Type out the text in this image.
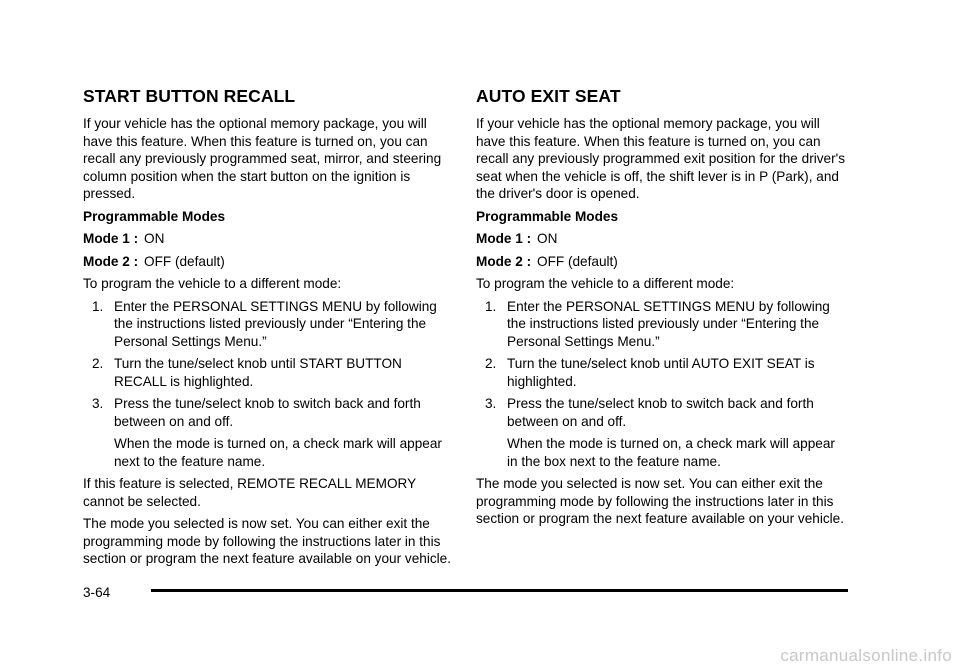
START BUTTON RECALL

If your vehicle has the optional memory package, you will have this feature. When this feature is turned on, you can recall any previously programmed seat, mirror, and steering column position when the start button on the ignition is pressed.

Programmable Modes

Mode 1 : ON
Mode 2 : OFF (default)

To program the vehicle to a different mode:

1. Enter the PERSONAL SETTINGS MENU by following the instructions listed previously under “Entering the Personal Settings Menu.”
2. Turn the tune/select knob until START BUTTON RECALL is highlighted.
3. Press the tune/select knob to switch back and forth between on and off.
When the mode is turned on, a check mark will appear next to the feature name.

If this feature is selected, REMOTE RECALL MEMORY cannot be selected.

The mode you selected is now set. You can either exit the programming mode by following the instructions later in this section or program the next feature available on your vehicle.

AUTO EXIT SEAT

If your vehicle has the optional memory package, you will have this feature. When this feature is turned on, you can recall any previously programmed exit position for the driver's seat when the vehicle is off, the shift lever is in P (Park), and the driver's door is opened.

Programmable Modes

Mode 1 : ON
Mode 2 : OFF (default)

To program the vehicle to a different mode:

1. Enter the PERSONAL SETTINGS MENU by following the instructions listed previously under “Entering the Personal Settings Menu.”
2. Turn the tune/select knob until AUTO EXIT SEAT is highlighted.
3. Press the tune/select knob to switch back and forth between on and off.
When the mode is turned on, a check mark will appear in the box next to the feature name.

The mode you selected is now set. You can either exit the programming mode by following the instructions later in this section or program the next feature available on your vehicle.

3-64
carmanualsonline.info
